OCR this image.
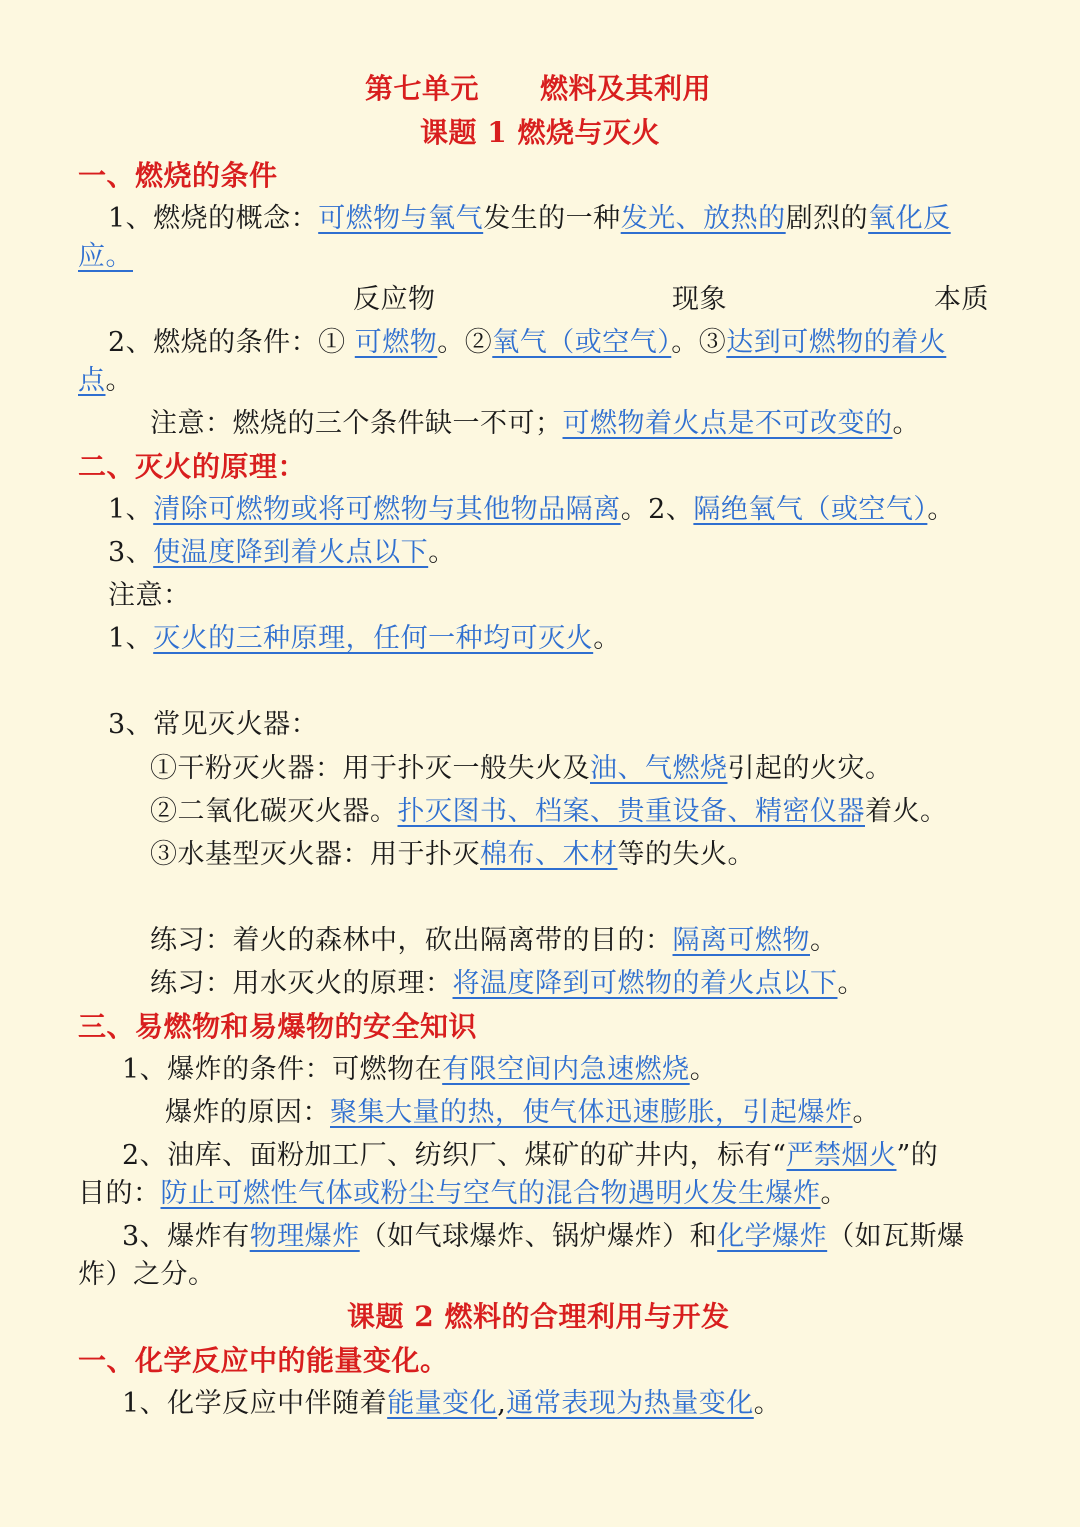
第七单元 燃料及其利用
课题 1 燃烧与灭火
一、燃烧的条件
1、燃烧的概念：可燃物与氧气发生的一种发光、放热的剧烈的氧化反
应。
反应物	现象	本质
2、燃烧的条件：① 可燃物。②氧气（或空气）。③达到可燃物的着火
点。
注意：燃烧的三个条件缺一不可；可燃物着火点是不可改变的。
二、灭火的原理：
1、清除可燃物或将可燃物与其他物品隔离。2、隔绝氧气（或空气）。
3、使温度降到着火点以下。
注意：
1、灭火的三种原理，任何一种均可灭火。
3、常见灭火器：
①干粉灭火器：用于扑灭一般失火及油、气燃烧引起的火灾。
②二氧化碳灭火器。扑灭图书、档案、贵重设备、精密仪器着火。
③水基型灭火器：用于扑灭棉布、木材等的失火。
练习：着火的森林中，砍出隔离带的目的：隔离可燃物。
练习：用水灭火的原理：将温度降到可燃物的着火点以下。
三、易燃物和易爆物的安全知识
1、爆炸的条件：可燃物在有限空间内急速燃烧。
爆炸的原因：聚集大量的热，使气体迅速膨胀，引起爆炸。
2、油库、面粉加工厂、纺织厂、煤矿的矿井内，标有“严禁烟火”的
目的：防止可燃性气体或粉尘与空气的混合物遇明火发生爆炸。
3、爆炸有物理爆炸（如气球爆炸、锅炉爆炸）和化学爆炸（如瓦斯爆
炸）之分。
课题 2 燃料的合理利用与开发
一、化学反应中的能量变化。
1、化学反应中伴随着能量变化,通常表现为热量变化。
